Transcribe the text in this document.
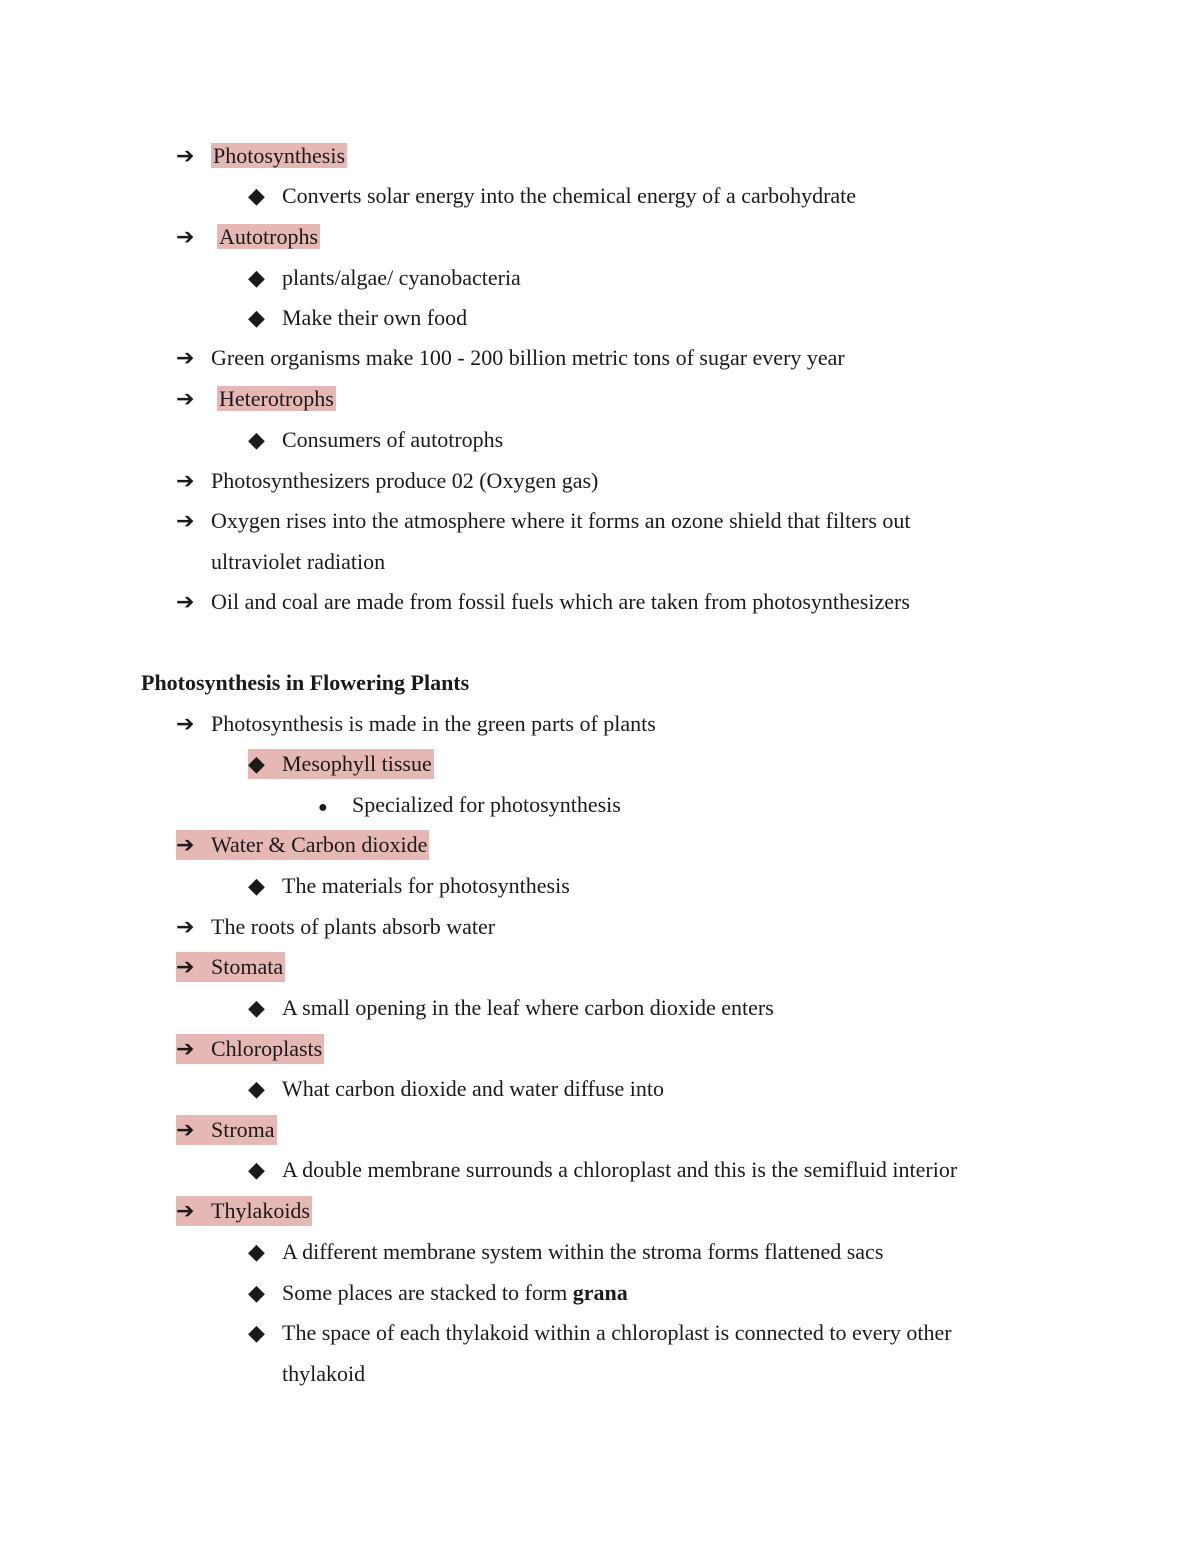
➔ Photosynthesis
◆ Converts solar energy into the chemical energy of a carbohydrate
➔ Autotrophs
◆ plants/algae/ cyanobacteria
◆ Make their own food
➔ Green organisms make 100 - 200 billion metric tons of sugar every year
➔ Heterotrophs
◆ Consumers of autotrophs
➔ Photosynthesizers produce 02 (Oxygen gas)
➔ Oxygen rises into the atmosphere where it forms an ozone shield that filters out
ultraviolet radiation
➔ Oil and coal are made from fossil fuels which are taken from photosynthesizers
Photosynthesis in Flowering Plants
➔ Photosynthesis is made in the green parts of plants
◆ Mesophyll tissue
● Specialized for photosynthesis
➔ Water & Carbon dioxide
◆ The materials for photosynthesis
➔ The roots of plants absorb water
➔ Stomata
◆ A small opening in the leaf where carbon dioxide enters
➔ Chloroplasts
◆ What carbon dioxide and water diffuse into
➔ Stroma
◆ A double membrane surrounds a chloroplast and this is the semifluid interior
➔ Thylakoids
◆ A different membrane system within the stroma forms flattened sacs
◆ Some places are stacked to form grana
◆ The space of each thylakoid within a chloroplast is connected to every other
thylakoid
